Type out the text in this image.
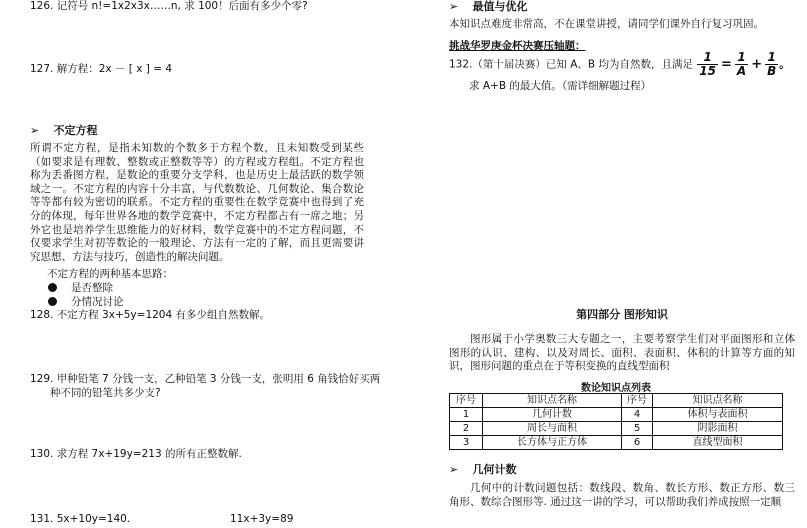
126. 记符号 n!=1x2x3x……n, 求 100！后面有多少个零?
127. 解方程：2x － [ x ] = 4
➢ 不定方程
所谓不定方程，是指未知数的个数多于方程个数，且未知数受到某些（如要求是有理数、整数或正整数等等）的方程或方程组。不定方程也称为丢番图方程，是数论的重要分支学科，也是历史上最活跃的数学领域之一。不定方程的内容十分丰富，与代数数论、几何数论、集合数论等等都有较为密切的联系。不定方程的重要性在数学竞赛中也得到了充分的体现，每年世界各地的数学竞赛中，不定方程都占有一席之地；另外它也是培养学生思维能力的好材料，数学竞赛中的不定方程问题，不仅要求学生对初等数论的一般理论、方法有一定的了解，而且更需要讲究思想、方法与技巧，创造性的解决问题。
不定方程的两种基本思路：
是否整除
分情况讨论
128. 不定方程 3x+5y=1204 有多少组自然数解。
129. 甲种铅笔 7 分钱一支，乙种铅笔 3 分钱一支，张明用 6 角钱恰好买两
种不同的铅笔共多少支?
130. 求方程 7x+19y=213 的所有正整数解.
131. 5x+10y=140.	11x+3y=89
➢ 最值与优化
本知识点难度非常高，不在课堂讲授，请同学们课外自行复习巩固。
挑战华罗庚金杯决赛压轴题：
132.（第十届决赛）已知 A、B 均为自然数，且满足 $\frac{1}{15} = \frac{1}{A} + \frac{1}{B}$ 。
求 A+B 的最大值。（需详细解题过程）
第四部分 图形知识
图形属于小学奥数三大专题之一，主要考察学生们对平面图形和立体图形的认识、建构、以及对周长、面积、表面积、体积的计算等方面的知识，图形问题的重点在于等积变换的直线型面积
数论知识点列表
序号	知识点名称	序号	知识点名称
1	几何计数	4	体积与表面积
2	周长与面积	5	阴影面积
3	长方体与正方体	6	直线型面积
➢ 几何计数
几何中的计数问题包括：数线段、数角、数长方形、数正方形、数三角形、数综合图形等. 通过这一讲的学习，可以帮助我们养成按照一定顺
